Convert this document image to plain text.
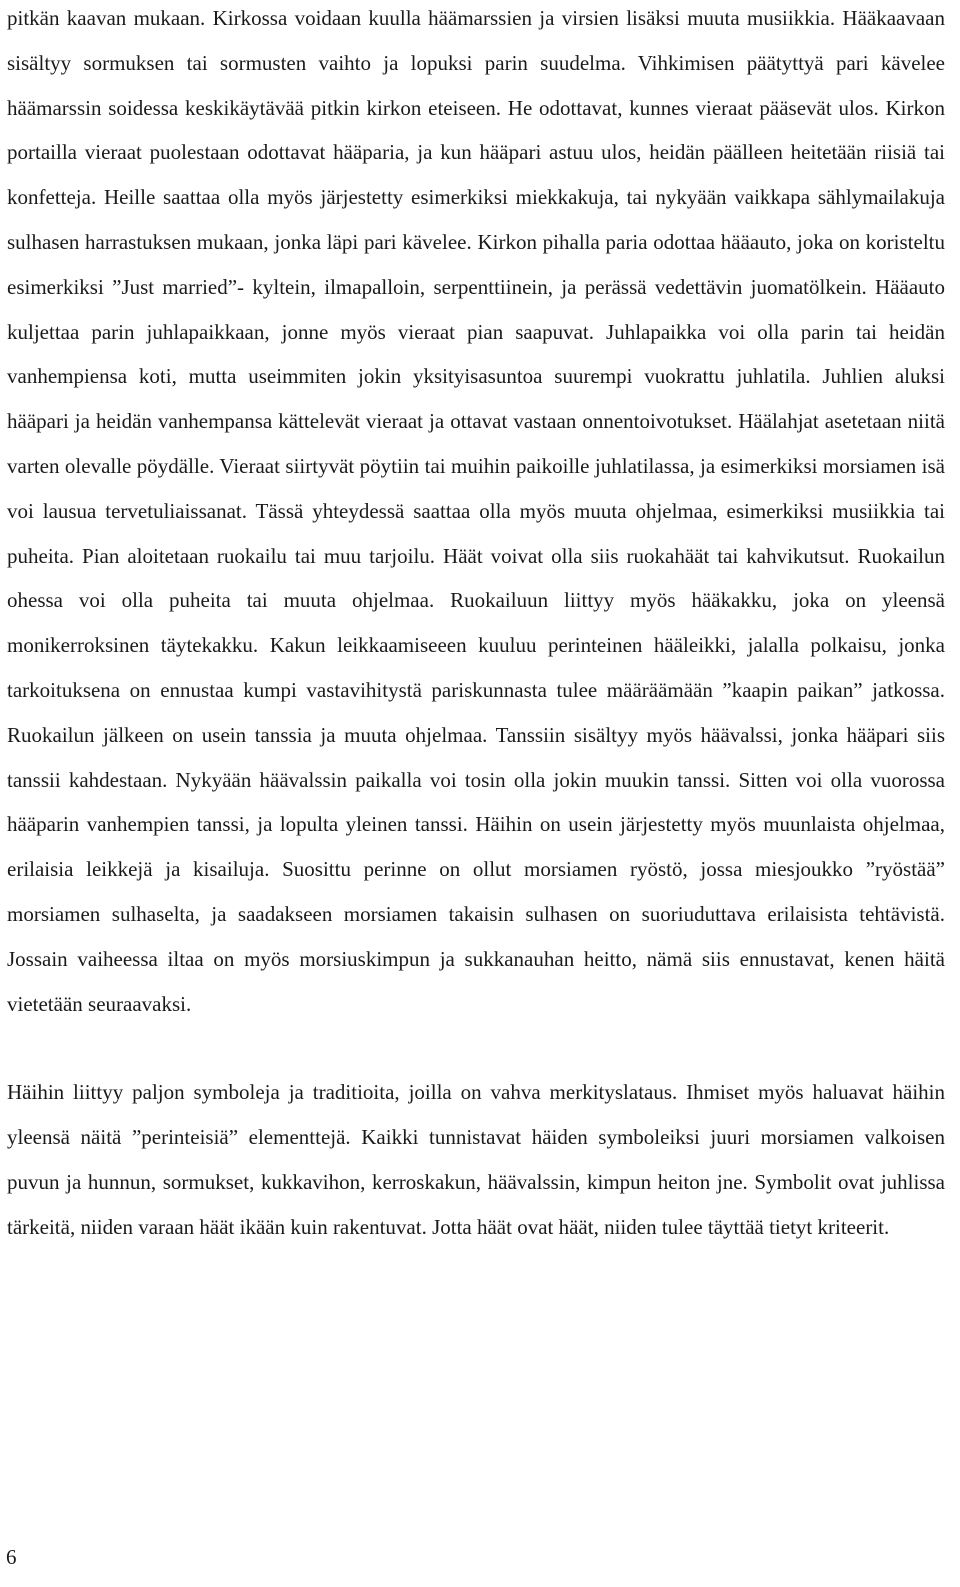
pitkän kaavan mukaan. Kirkossa voidaan kuulla häämarssien ja virsien lisäksi muuta musiikkia. Hääkaavaan sisältyy sormuksen tai sormusten vaihto ja lopuksi parin suudelma. Vihkimisen päätyttyä pari kävelee häämarssin soidessa keskikäytävää pitkin kirkon eteiseen. He odottavat, kunnes vieraat pääsevät ulos. Kirkon portailla vieraat puolestaan odottavat hääparia, ja kun hääpari astuu ulos, heidän päälleen heitetään riisiä tai konfetteja. Heille saattaa olla myös järjestetty esimerkiksi miekkakuja, tai nykyään vaikkapa sählymailakuja sulhasen harrastuksen mukaan, jonka läpi pari kävelee. Kirkon pihalla paria odottaa hääauto, joka on koristeltu esimerkiksi ”Just married”- kyltein, ilmapalloin, serpenttiinein, ja perässä vedettävin juomatölkein. Hääauto kuljettaa parin juhlapaikkaan, jonne myös vieraat pian saapuvat. Juhlapaikka voi olla parin tai heidän vanhempiensa koti, mutta useimmiten jokin yksityisasuntoa suurempi vuokrattu juhlatila. Juhlien aluksi hääpari ja heidän vanhempansa kättelevät vieraat ja ottavat vastaan onnentoivotukset. Häälahjat asetetaan niitä varten olevalle pöydälle. Vieraat siirtyvät pöytiin tai muihin paikoille juhlatilassa, ja esimerkiksi morsiamen isä voi lausua tervetuliaissanat. Tässä yhteydessä saattaa olla myös muuta ohjelmaa, esimerkiksi musiikkia tai puheita. Pian aloitetaan ruokailu tai muu tarjoilu. Häät voivat olla siis ruokahäät tai kahvikutsut. Ruokailun ohessa voi olla puheita tai muuta ohjelmaa. Ruokailuun liittyy myös hääkakku, joka on yleensä monikerroksinen täytekakku. Kakun leikkaamiseeen kuuluu perinteinen hääleikki, jalalla polkaisu, jonka tarkoituksena on ennustaa kumpi vastavihitystä pariskunnasta tulee määräämään ”kaapin paikan” jatkossa. Ruokailun jälkeen on usein tanssia ja muuta ohjelmaa. Tanssiin sisältyy myös häävalssi, jonka hääpari siis tanssii kahdestaan. Nykyään häävalssin paikalla voi tosin olla jokin muukin tanssi. Sitten voi olla vuorossa hääparin vanhempien tanssi, ja lopulta yleinen tanssi. Häihin on usein järjestetty myös muunlaista ohjelmaa, erilaisia leikkejä ja kisailuja. Suosittu perinne on ollut morsiamen ryöstö, jossa miesjoukko ”ryöstää” morsiamen sulhaselta, ja saadakseen morsiamen takaisin sulhasen on suoriuduttava erilaisista tehtävistä. Jossain vaiheessa iltaa on myös morsiuskimpun ja sukkanauhan heitto, nämä siis ennustavat, kenen häitä vietetään seuraavaksi.

Häihin liittyy paljon symboleja ja traditioita, joilla on vahva merkityslataus. Ihmiset myös haluavat häihin yleensä näitä ”perinteisiä” elementtejä. Kaikki tunnistavat häiden symboleiksi juuri morsiamen valkoisen puvun ja hunnun, sormukset, kukkavihon, kerroskakun, häävalssin, kimpun heiton jne. Symbolit ovat juhlissa tärkeitä, niiden varaan häät ikään kuin rakentuvat. Jotta häät ovat häät, niiden tulee täyttää tietyt kriteerit.

6
